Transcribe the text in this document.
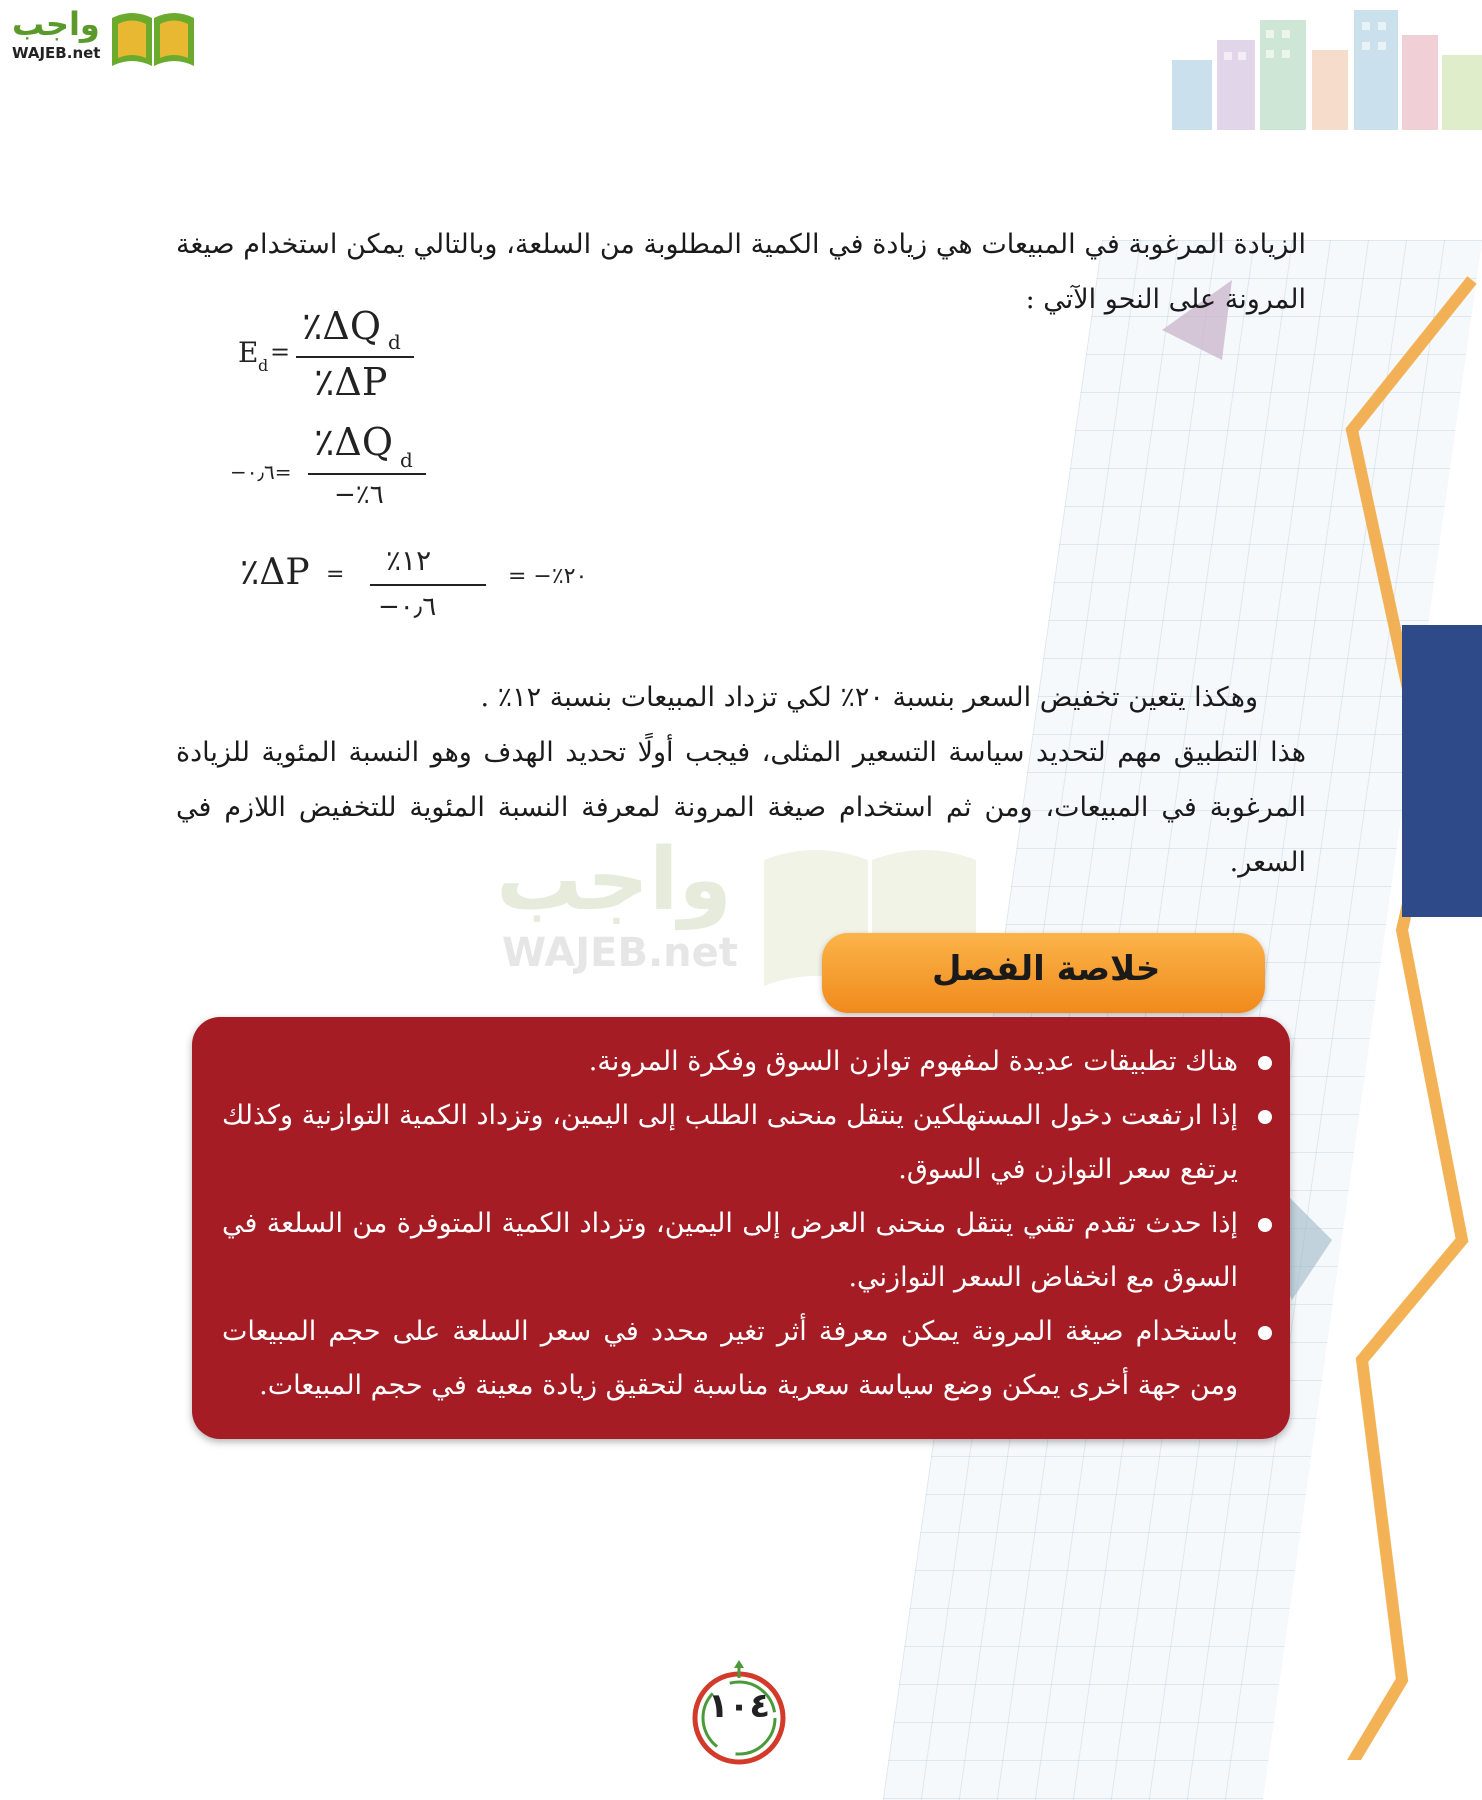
واجب
WAJEB.net

الزيادة المرغوبة في المبيعات هي زيادة في الكمية المطلوبة من السلعة، وبالتالي يمكن استخدام صيغة المرونة على النحو الآتي :

E d =
٪ΔQ d
٪ΔP
−٠٫٦=
٪ΔQ d
−٪٦
٪ΔP = ٪١٢
−٠٫٦
= −٪٢٠
وهكذا يتعين تخفيض السعر بنسبة ٢٠٪ لكي تزداد المبيعات بنسبة ١٢٪ .
هذا التطبيق مهم لتحديد سياسة التسعير المثلى، فيجب أولًا تحديد الهدف وهو النسبة المئوية للزيادة المرغوبة في المبيعات، ومن ثم استخدام صيغة المرونة لمعرفة النسبة المئوية للتخفيض اللازم في السعر.
واجب
WAJEB.net	خلاصة الفصل
هناك تطبيقات عديدة لمفهوم توازن السوق وفكرة المرونة.
إذا ارتفعت دخول المستهلكين ينتقل منحنى الطلب إلى اليمين، وتزداد الكمية التوازنية وكذلك يرتفع سعر التوازن في السوق.
إذا حدث تقدم تقني ينتقل منحنى العرض إلى اليمين، وتزداد الكمية المتوفرة من السلعة في السوق مع انخفاض السعر التوازني.
باستخدام صيغة المرونة يمكن معرفة أثر تغير محدد في سعر السلعة على حجم المبيعات ومن جهة أخرى يمكن وضع سياسة سعرية مناسبة لتحقيق زيادة معينة في حجم المبيعات.
١٠٤
